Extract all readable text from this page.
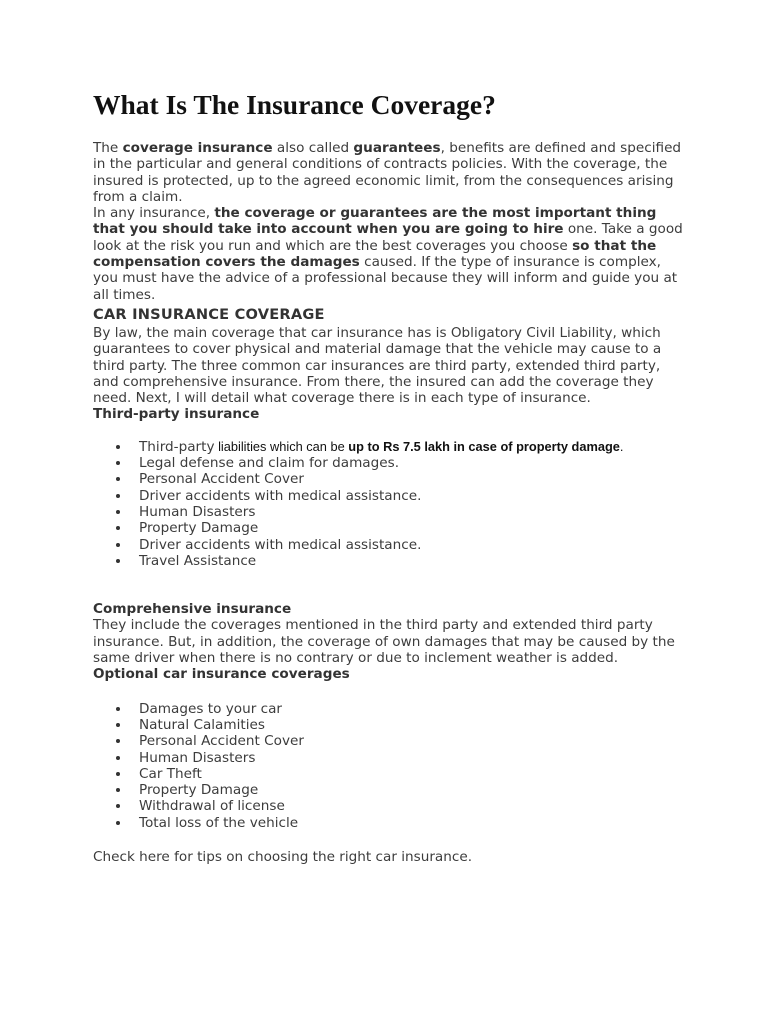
What Is The Insurance Coverage?

The coverage insurance also called guarantees, benefits are defined and specified in the particular and general conditions of contracts policies. With the coverage, the insured is protected, up to the agreed economic limit, from the consequences arising from a claim.

In any insurance, the coverage or guarantees are the most important thing that you should take into account when you are going to hire one. Take a good look at the risk you run and which are the best coverages you choose so that the compensation covers the damages caused. If the type of insurance is complex, you must have the advice of a professional because they will inform and guide you at all times.

CAR INSURANCE COVERAGE

By law, the main coverage that car insurance has is Obligatory Civil Liability, which guarantees to cover physical and material damage that the vehicle may cause to a third party. The three common car insurances are third party, extended third party, and comprehensive insurance. From there, the insured can add the coverage they need. Next, I will detail what coverage there is in each type of insurance.

Third-party insurance
Third-party liabilities which can be up to Rs 7.5 lakh in case of property damage.
Legal defense and claim for damages.
Personal Accident Cover
Driver accidents with medical assistance.
Human Disasters
Property Damage
Driver accidents with medical assistance.
Travel Assistance
Comprehensive insurance

They include the coverages mentioned in the third party and extended third party insurance. But, in addition, the coverage of own damages that may be caused by the same driver when there is no contrary or due to inclement weather is added.

Optional car insurance coverages
Damages to your car
Natural Calamities
Personal Accident Cover
Human Disasters
Car Theft
Property Damage
Withdrawal of license
Total loss of the vehicle

Check here for tips on choosing the right car insurance.
